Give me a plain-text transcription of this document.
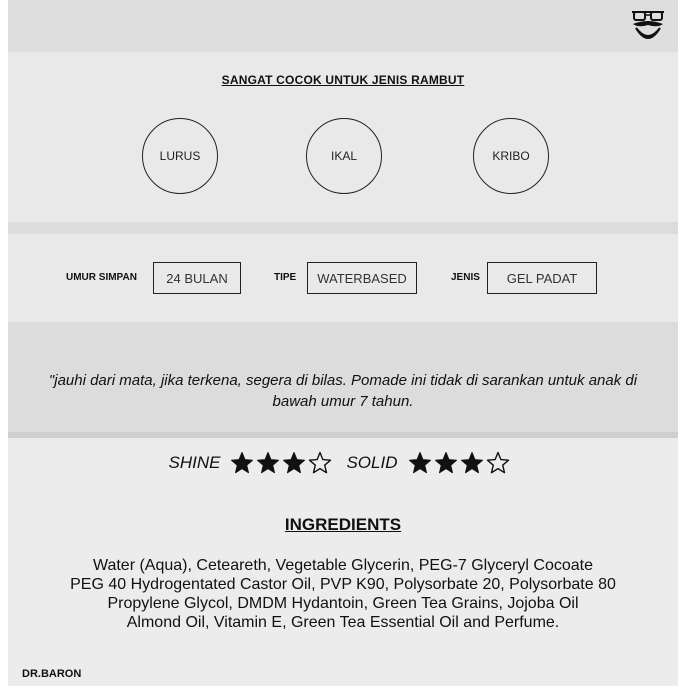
SANGAT COCOK UNTUK JENIS RAMBUT
LURUS	IKAL	KRIBO
UMUR SIMPAN	24 BULAN	TIPE	WATERBASED	JENIS	GEL PADAT
"jauhi dari mata, jika terkena, segera di bilas. Pomade ini tidak di sarankan untuk anak di bawah umur 7 tahun.
SHINE	SOLID
INGREDIENTS
Water (Aqua), Ceteareth, Vegetable Glycerin, PEG-7 Glyceryl Cocoate
PEG 40 Hydrogentated Castor Oil, PVP K90, Polysorbate 20, Polysorbate 80
Propylene Glycol, DMDM Hydantoin, Green Tea Grains, Jojoba Oil
Almond Oil, Vitamin E, Green Tea Essential Oil and Perfume.
DR.BARON
